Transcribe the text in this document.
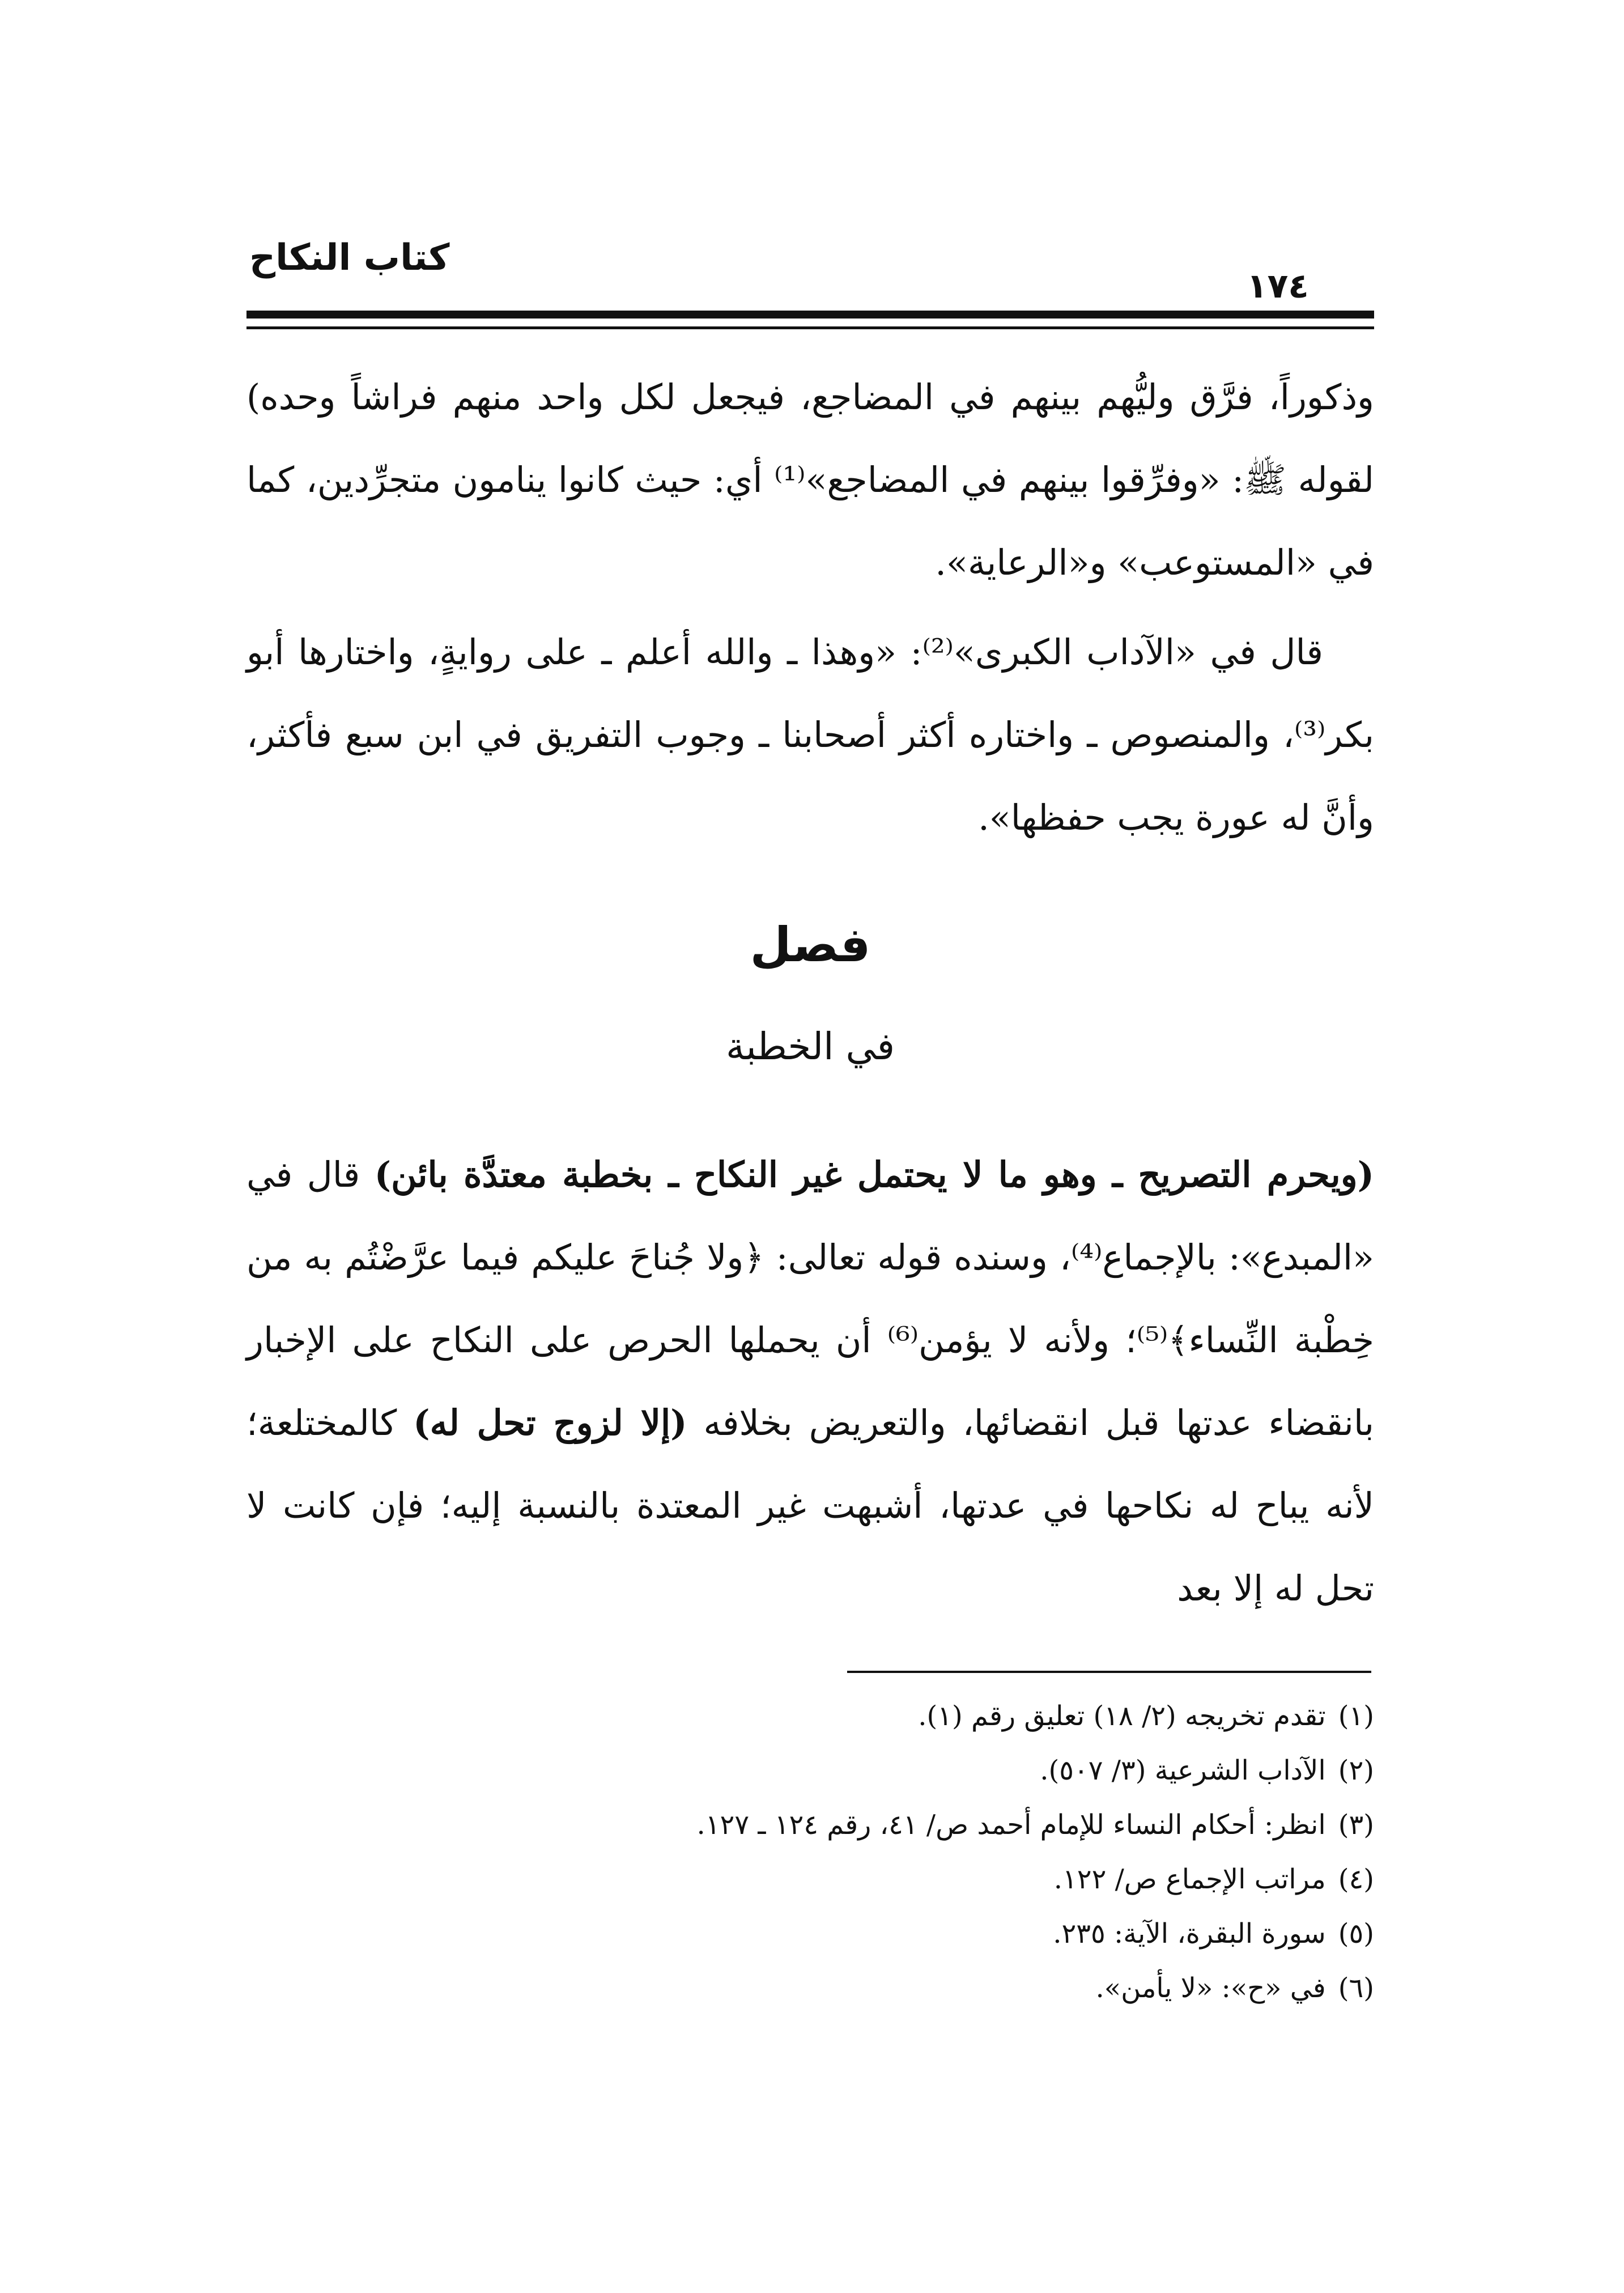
كتاب النكاح
١٧٤

وذكوراً، فرَّق وليُّهم بينهم في المضاجع، فيجعل لكل واحد منهم فراشاً وحده) لقوله ﷺ: «وفرِّقوا بينهم في المضاجع»⁽¹⁾ أي: حيث كانوا ينامون متجرِّدين، كما في «المستوعب» و«الرعاية».

قال في «الآداب الكبرى»⁽²⁾: «وهذا ـ والله أعلم ـ على روايةٍ، واختارها أبو بكر⁽³⁾، والمنصوص ـ واختاره أكثر أصحابنا ـ وجوب التفريق في ابن سبع فأكثر، وأنَّ له عورة يجب حفظها».

فصل
في الخطبة

(ويحرم التصريح ـ وهو ما لا يحتمل غير النكاح ـ بخطبة معتدَّة بائن) قال في «المبدع»: بالإجماع⁽⁴⁾، وسنده قوله تعالى: ﴿ولا جُناحَ عليكم فيما عرَّضْتُم به من خِطْبة النِّساء﴾⁽⁵⁾؛ ولأنه لا يؤمن⁽⁶⁾ أن يحملها الحرص على النكاح على الإخبار بانقضاء عدتها قبل انقضائها، والتعريض بخلافه (إلا لزوج تحل له) كالمختلعة؛ لأنه يباح له نكاحها في عدتها، أشبهت غير المعتدة بالنسبة إليه؛ فإن كانت لا تحل له إلا بعد

(١)تقدم تخريجه (٢/ ١٨) تعليق رقم (١).
(٢)الآداب الشرعية (٣/ ٥٠٧).
(٣)انظر: أحكام النساء للإمام أحمد ص/ ٤١، رقم ١٢٤ ـ ١٢٧.
(٤)مراتب الإجماع ص/ ١٢٢.
(٥)سورة البقرة، الآية: ٢٣٥.
(٦)في «ح»: «لا يأمن».
